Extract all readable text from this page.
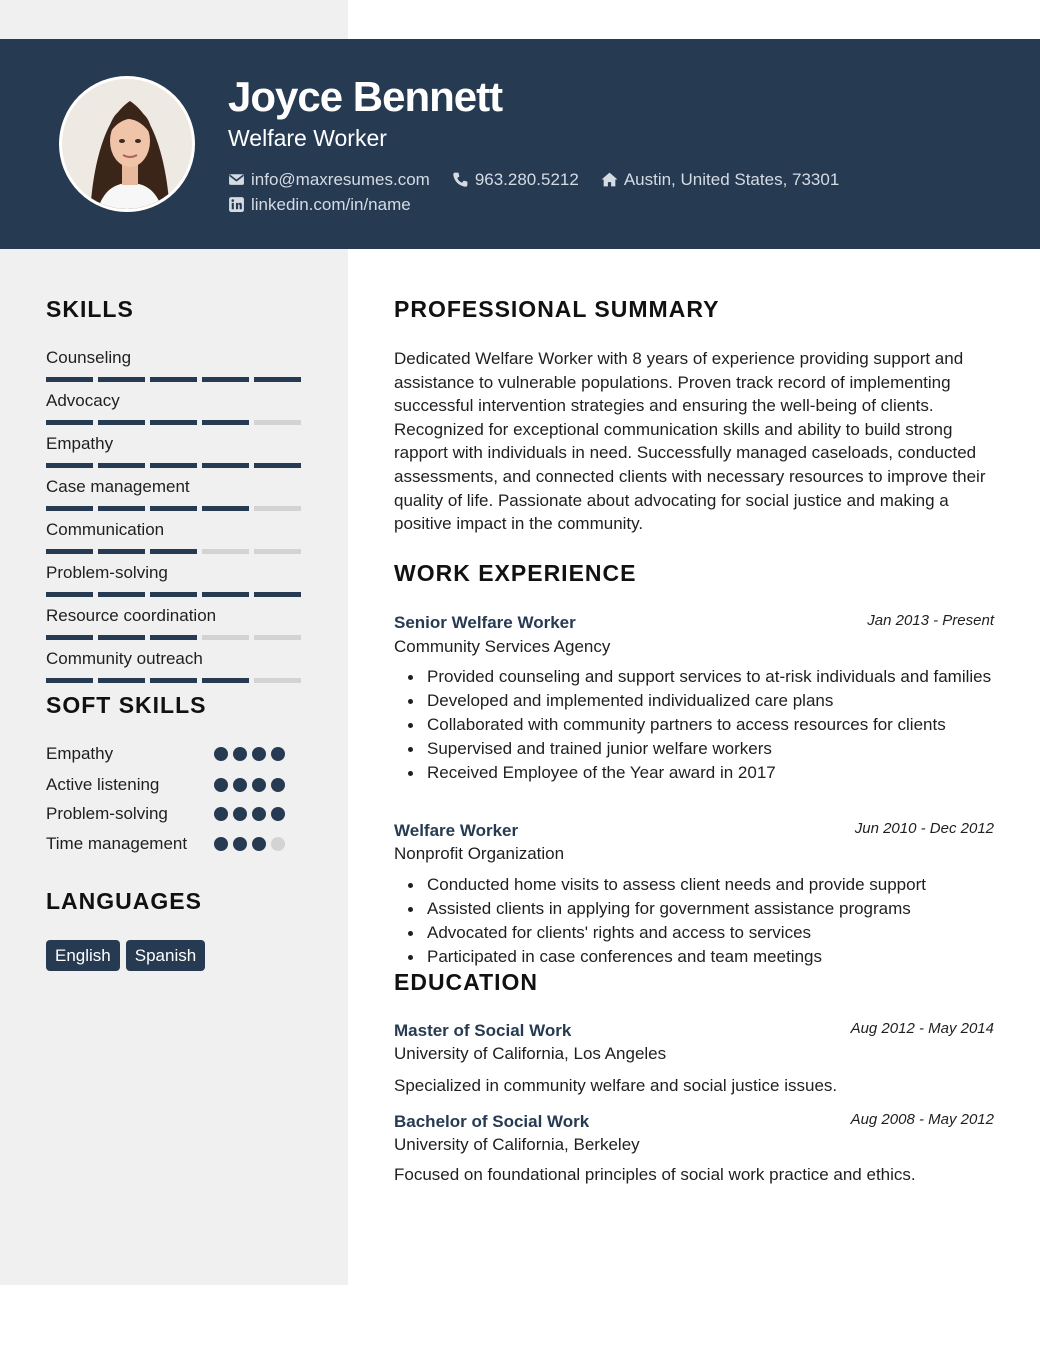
Joyce Bennett
Welfare Worker
info@maxresumes.com	963.280.5212	Austin, United States, 73301
linkedin.com/in/name
SKILLS
Counseling
Advocacy
Empathy
Case management
Communication
Problem-solving
Resource coordination
Community outreach
SOFT SKILLS
Empathy
Active listening
Problem-solving
Time management
LANGUAGES
English	Spanish
PROFESSIONAL SUMMARY
Dedicated Welfare Worker with 8 years of experience providing support and assistance to vulnerable populations. Proven track record of implementing successful intervention strategies and ensuring the well-being of clients. Recognized for exceptional communication skills and ability to build strong rapport with individuals in need. Successfully managed caseloads, conducted assessments, and connected clients with necessary resources to improve their quality of life. Passionate about advocating for social justice and making a positive impact in the community.
WORK EXPERIENCE
Senior Welfare Worker	Jan 2013 - Present
Community Services Agency
Provided counseling and support services to at-risk individuals and families
Developed and implemented individualized care plans
Collaborated with community partners to access resources for clients
Supervised and trained junior welfare workers
Received Employee of the Year award in 2017
Welfare Worker	Jun 2010 - Dec 2012
Nonprofit Organization
Conducted home visits to assess client needs and provide support
Assisted clients in applying for government assistance programs
Advocated for clients' rights and access to services
Participated in case conferences and team meetings
EDUCATION
Master of Social Work	Aug 2012 - May 2014
University of California, Los Angeles
Specialized in community welfare and social justice issues.
Bachelor of Social Work	Aug 2008 - May 2012
University of California, Berkeley
Focused on foundational principles of social work practice and ethics.
